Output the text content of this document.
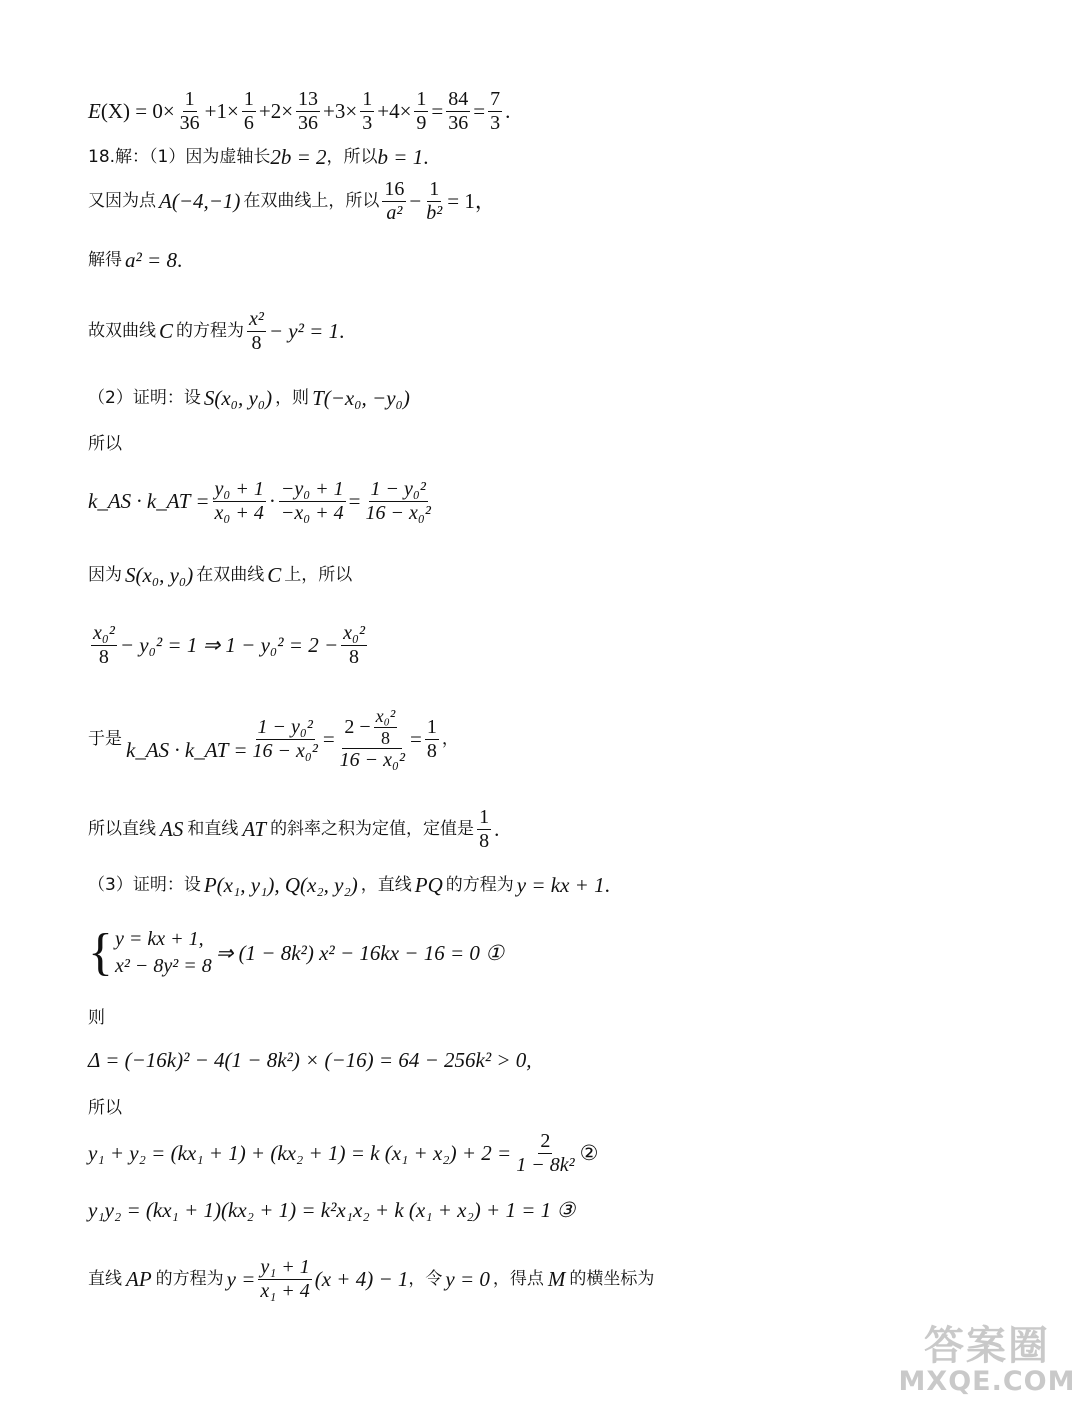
E $(X) = 0\times \frac{1}{36} +1\times \frac{1}{6} +2\times \frac{13}{36} +3\times \frac{1}{3} +4\times \frac{1}{9} = \frac{84}{36} = \frac{7}{3}$ .
18.解：（1）因为虚轴长 2b = 2 ，所以 b = 1 .
又因为点 A(−4,−1) 在双曲线上，所以 $\frac{16}{\text{a²}} - \frac{1}{\text{b²}} = 1$，
解得 a² = 8 .
故双曲线 C 的方程为 $\frac{\text{x²}}{8} - y^2 = 1$ .
（2）证明：设 S(x₀, y₀) ，则 T(−x₀, −y₀)
所以
k_AS · k_AT = $\frac{\text{y₀ + 1}}{\text{x₀ + 4}} \cdot \frac{\text{−y₀ + 1}}{\text{−x₀ + 4}} = \frac{\text{1 − y₀²}}{\text{16 − x₀²}}$
因为 S(x₀, y₀) 在双曲线 C 上，所以
$\frac{\text{x₀²}}{8} - y_0^2 = 1$ ⇒ $1 - y_0^2 = 2 - \frac{\text{x₀²}}{8}$
于是 k_AS · k_AT = $\frac{\text{1 − y₀²}}{\text{16 − x₀²}} = \frac{2 - \frac{\text{x₀²}}{8}}{\text{16 − x₀²}} = \frac{1}{8}$ ，
所以直线 AS 和直线 AT 的斜率之积为定值，定值是 $\frac{1}{8}$ .
（3）证明：设 P(x₁, y₁), Q(x₂, y₂) ，直线 PQ 的方程为 y = kx + 1 .
{ y = kx + 1,
x² − 8y² = 8
⇒ (1 − 8k²) x² − 16kx − 16 = 0 ①
则
Δ = (−16k)² − 4(1 − 8k²) × (−16) = 64 − 256k² > 0,
所以
y₁ + y₂ = (kx₁ + 1) + (kx₂ + 1) = k $(x_1 + x_2) + 2 = \frac{2}{\text{1 − 8k²}}$ ②
y₁y₂ = (kx₁ + 1)(kx₂ + 1) = k²x₁x₂ + k (x₁ + x₂) + 1 = 1 ③
直线 AP 的方程为 $y = \frac{\text{y₁ + 1}}{\text{x₁ + 4}} (x + 4) - 1$ ，令 y = 0 ，得点 M 的横坐标为
答案圈
MXQE.COM
